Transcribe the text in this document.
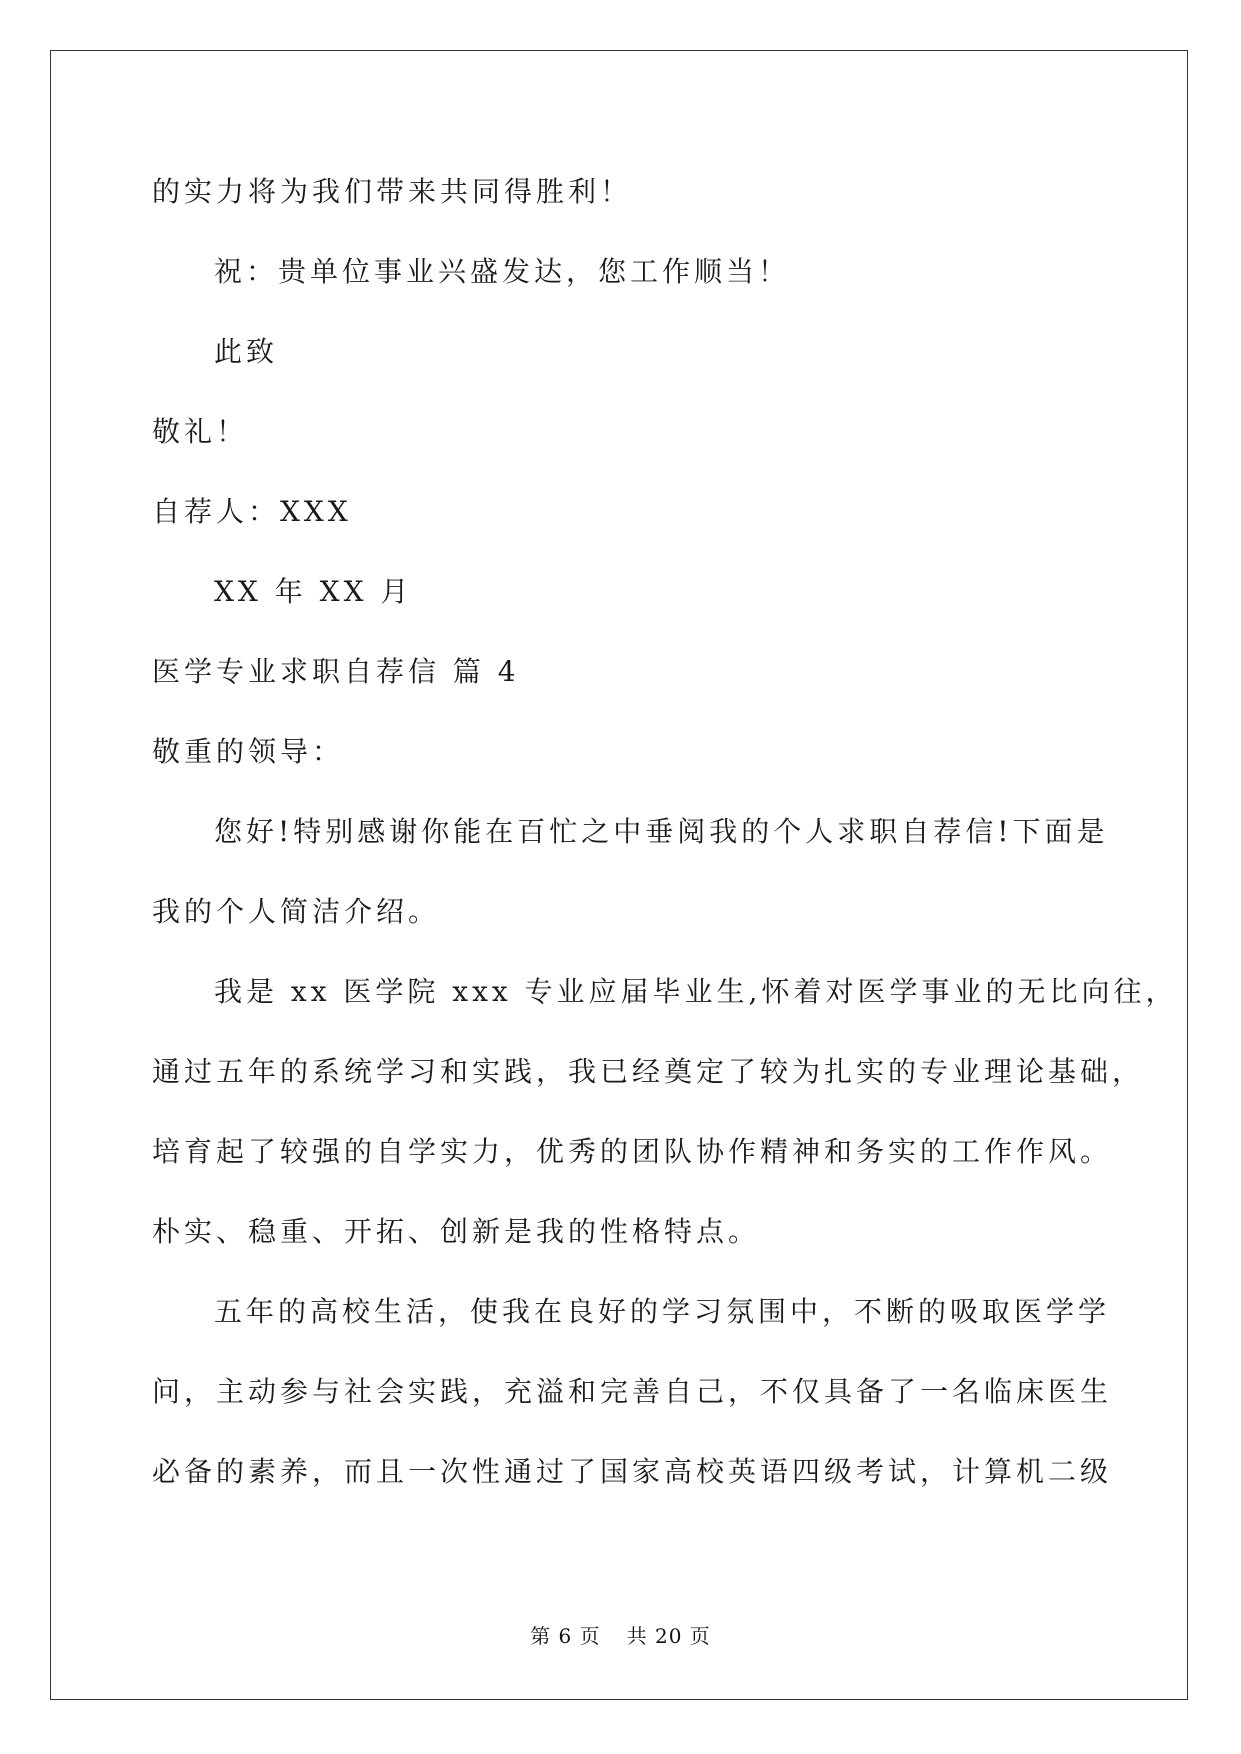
的实力将为我们带来共同得胜利！
祝：贵单位事业兴盛发达，您工作顺当！
此致
敬礼！
自荐人：XXX
XX 年 XX 月
医学专业求职自荐信 篇 4
敬重的领导：
您好!特别感谢你能在百忙之中垂阅我的个人求职自荐信!下面是
我的个人简洁介绍。
我是 xx 医学院 xxx 专业应届毕业生,怀着对医学事业的无比向往，
通过五年的系统学习和实践，我已经奠定了较为扎实的专业理论基础，
培育起了较强的自学实力，优秀的团队协作精神和务实的工作作风。
朴实、稳重、开拓、创新是我的性格特点。
五年的高校生活，使我在良好的学习氛围中，不断的吸取医学学
问，主动参与社会实践，充溢和完善自己，不仅具备了一名临床医生
必备的素养，而且一次性通过了国家高校英语四级考试，计算机二级
第 6 页 共 20 页
